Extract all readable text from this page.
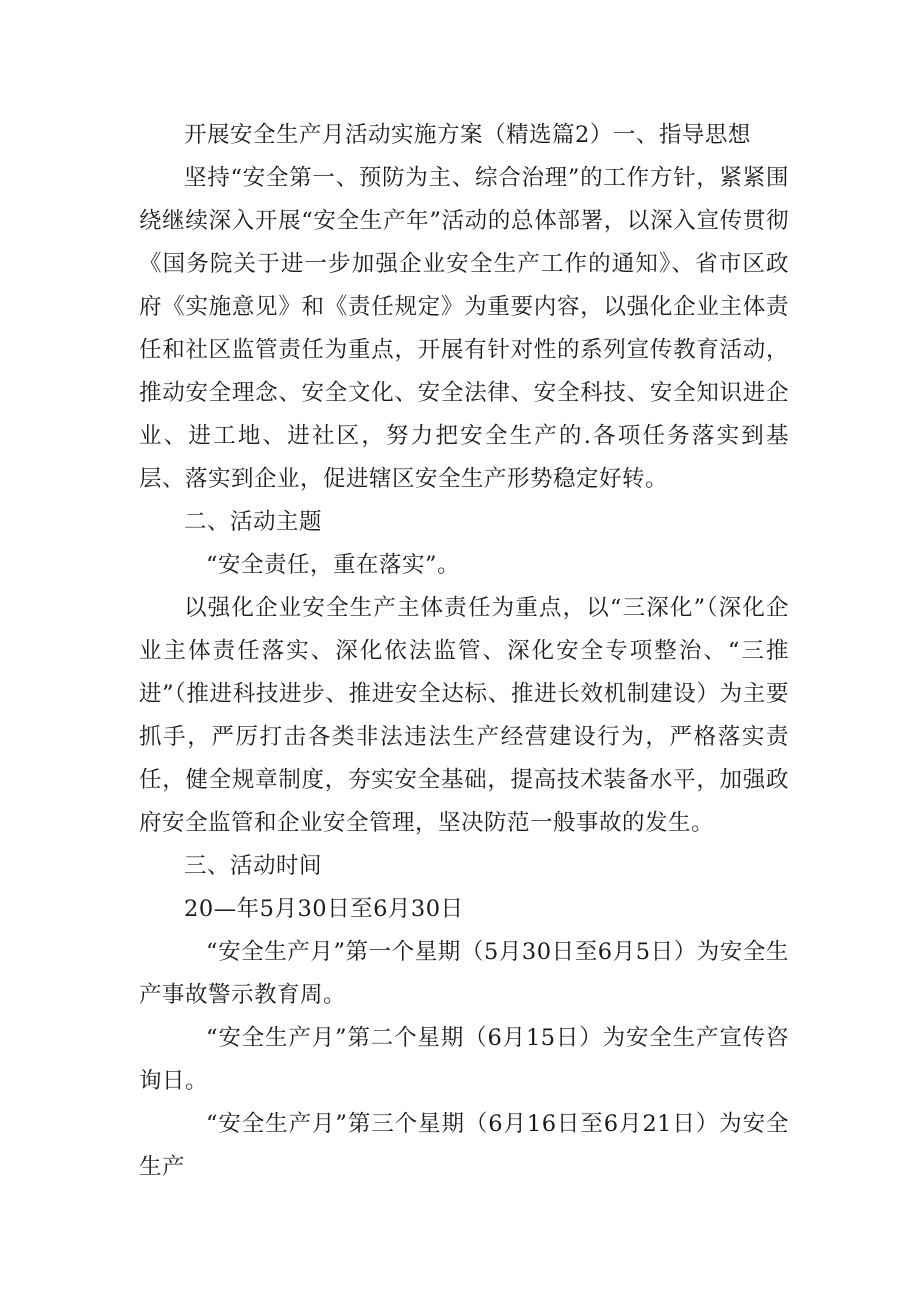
开展安全生产月活动实施方案（精选篇2）一、指导思想

坚持“安全第一、预防为主、综合治理”的工作方针，紧紧围绕继续深入开展“安全生产年”活动的总体部署，以深入宣传贯彻《国务院关于进一步加强企业安全生产工作的通知》、省市区政府《实施意见》和《责任规定》为重要内容，以强化企业主体责任和社区监管责任为重点，开展有针对性的系列宣传教育活动，推动安全理念、安全文化、安全法律、安全科技、安全知识进企业、进工地、进社区，努力把安全生产的.各项任务落实到基层、落实到企业，促进辖区安全生产形势稳定好转。

二、活动主题

“安全责任，重在落实”。

以强化企业安全生产主体责任为重点，以“三深化”（深化企业主体责任落实、深化依法监管、深化安全专项整治、“三推进”（推进科技进步、推进安全达标、推进长效机制建设）为主要抓手，严厉打击各类非法违法生产经营建设行为，严格落实责任，健全规章制度，夯实安全基础，提高技术装备水平，加强政府安全监管和企业安全管理，坚决防范一般事故的发生。

三、活动时间

20—年5月30日至6月30日

“安全生产月”第一个星期（5月30日至6月5日）为安全生产事故警示教育周。

“安全生产月”第二个星期（6月15日）为安全生产宣传咨询日。

“安全生产月”第三个星期（6月16日至6月21日）为安全生产
